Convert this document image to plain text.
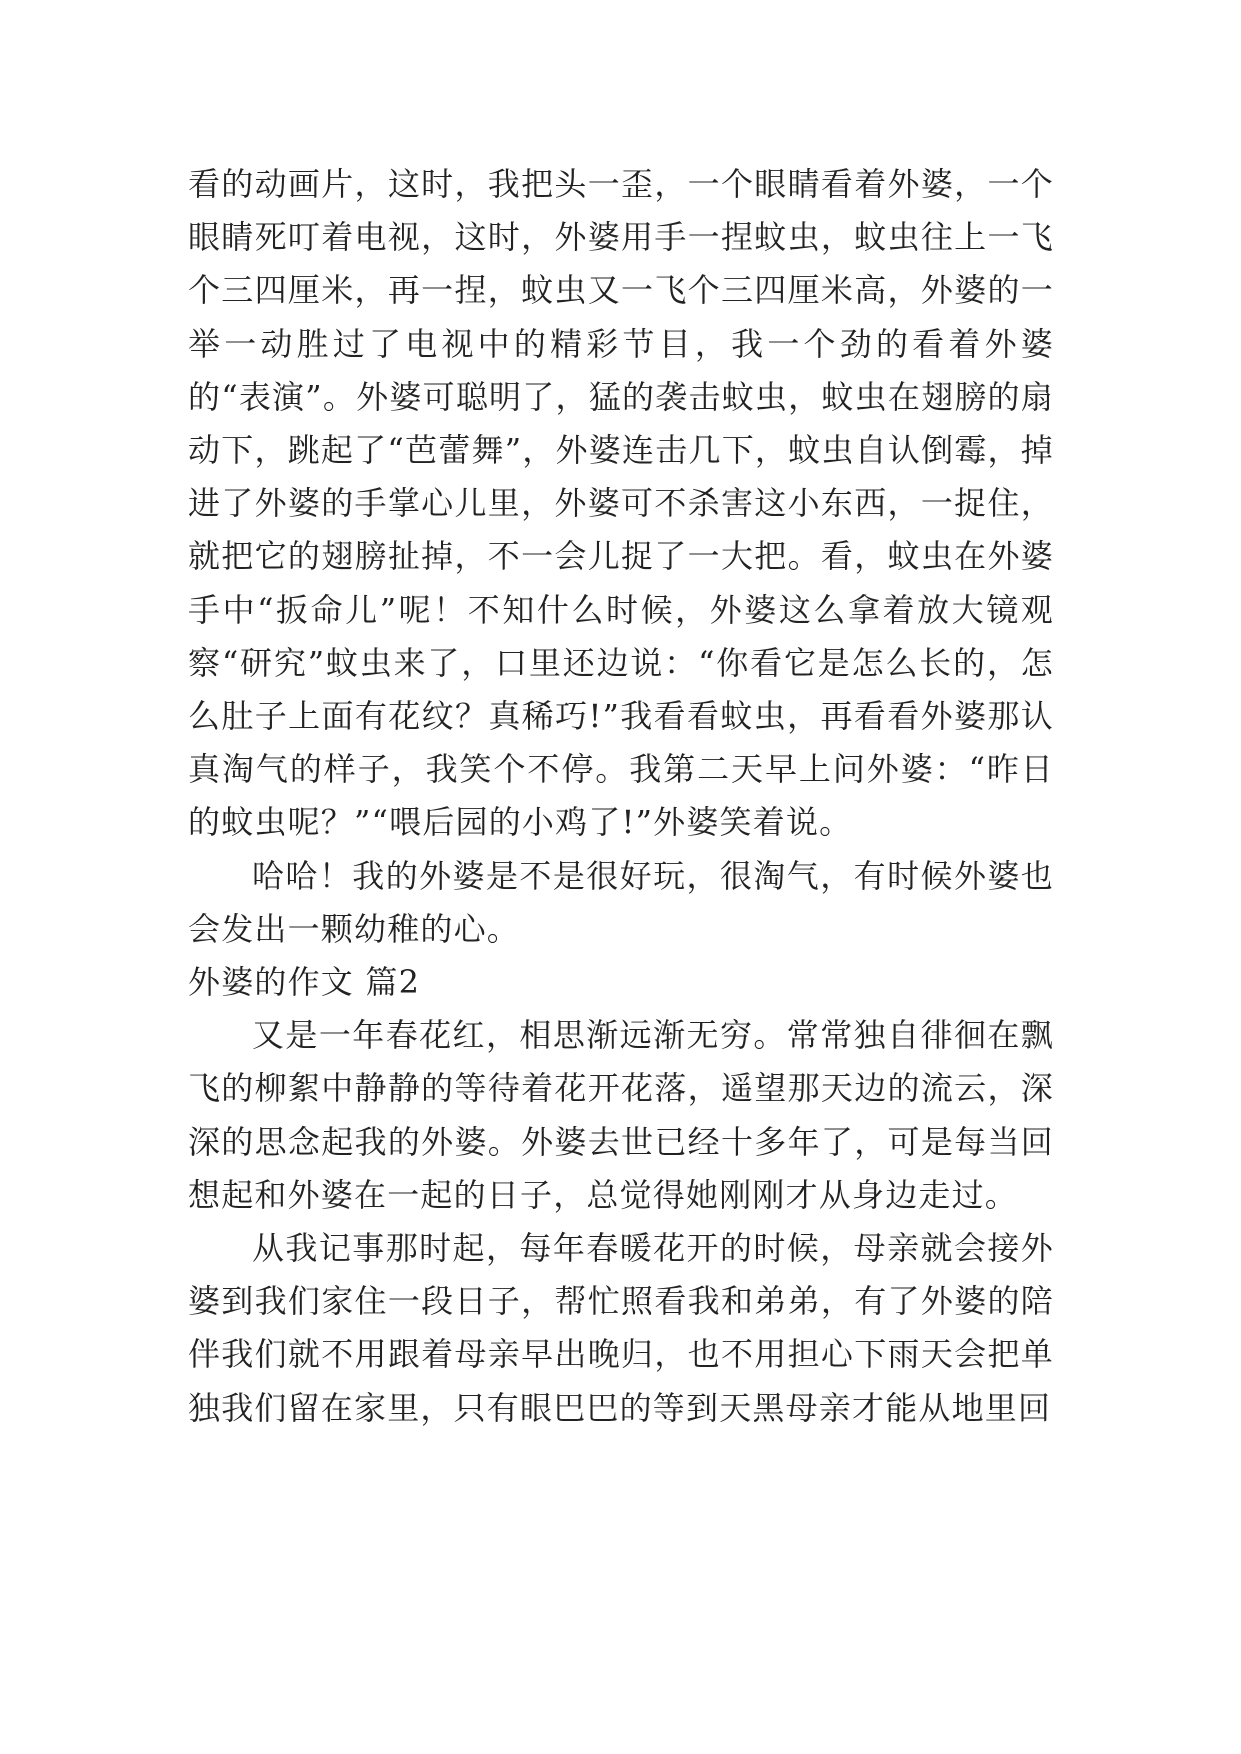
看的动画片，这时，我把头一歪，一个眼睛看着外婆，一个眼睛死叮着电视，这时，外婆用手一捏蚊虫，蚊虫往上一飞个三四厘米，再一捏，蚊虫又一飞个三四厘米高，外婆的一举一动胜过了电视中的精彩节目，我一个劲的看着外婆的“表演”。外婆可聪明了，猛的袭击蚊虫，蚊虫在翅膀的扇动下，跳起了“芭蕾舞”，外婆连击几下，蚊虫自认倒霉，掉进了外婆的手掌心儿里，外婆可不杀害这小东西，一捉住，就把它的翅膀扯掉，不一会儿捉了一大把。看，蚊虫在外婆手中“扳命儿”呢！不知什么时候，外婆这么拿着放大镜观察“研究”蚊虫来了，口里还边说：“你看它是怎么长的，怎么肚子上面有花纹？真稀巧!”我看看蚊虫，再看看外婆那认真淘气的样子，我笑个不停。我第二天早上问外婆：“昨日的蚊虫呢？”“喂后园的小鸡了!”外婆笑着说。

哈哈！我的外婆是不是很好玩，很淘气，有时候外婆也会发出一颗幼稚的心。

外婆的作文 篇2

又是一年春花红，相思渐远渐无穷。常常独自徘徊在飘飞的柳絮中静静的等待着花开花落，遥望那天边的流云，深深的思念起我的外婆。外婆去世已经十多年了，可是每当回想起和外婆在一起的日子，总觉得她刚刚才从身边走过。

从我记事那时起，每年春暖花开的时候，母亲就会接外婆到我们家住一段日子，帮忙照看我和弟弟，有了外婆的陪伴我们就不用跟着母亲早出晚归，也不用担心下雨天会把单独我们留在家里，只有眼巴巴的等到天黑母亲才能从地里回
